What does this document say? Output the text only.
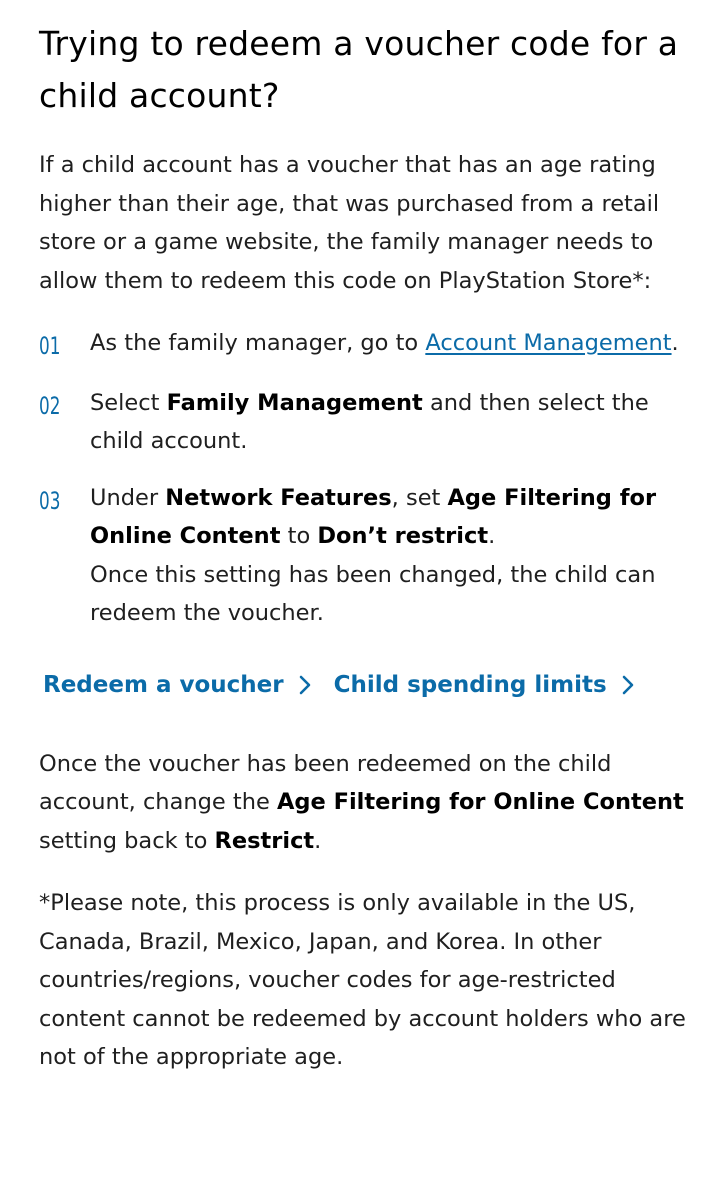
Trying to redeem a voucher code for a child account?

If a child account has a voucher that has an age rating higher than their age, that was purchased from a retail store or a game website, the family manager needs to allow them to redeem this code on PlayStation Store*:

01	As the family manager, go to Account Management.
02	Select Family Management and then select the child account.
03	Under Network Features, set Age Filtering for Online Content to Don’t restrict.
Once this setting has been changed, the child can redeem the voucher.
Redeem a voucher Child spending limits

Once the voucher has been redeemed on the child account, change the Age Filtering for Online Content setting back to Restrict.

*Please note, this process is only available in the US, Canada, Brazil, Mexico, Japan, and Korea. In other countries/regions, voucher codes for age-restricted content cannot be redeemed by account holders who are not of the appropriate age.
